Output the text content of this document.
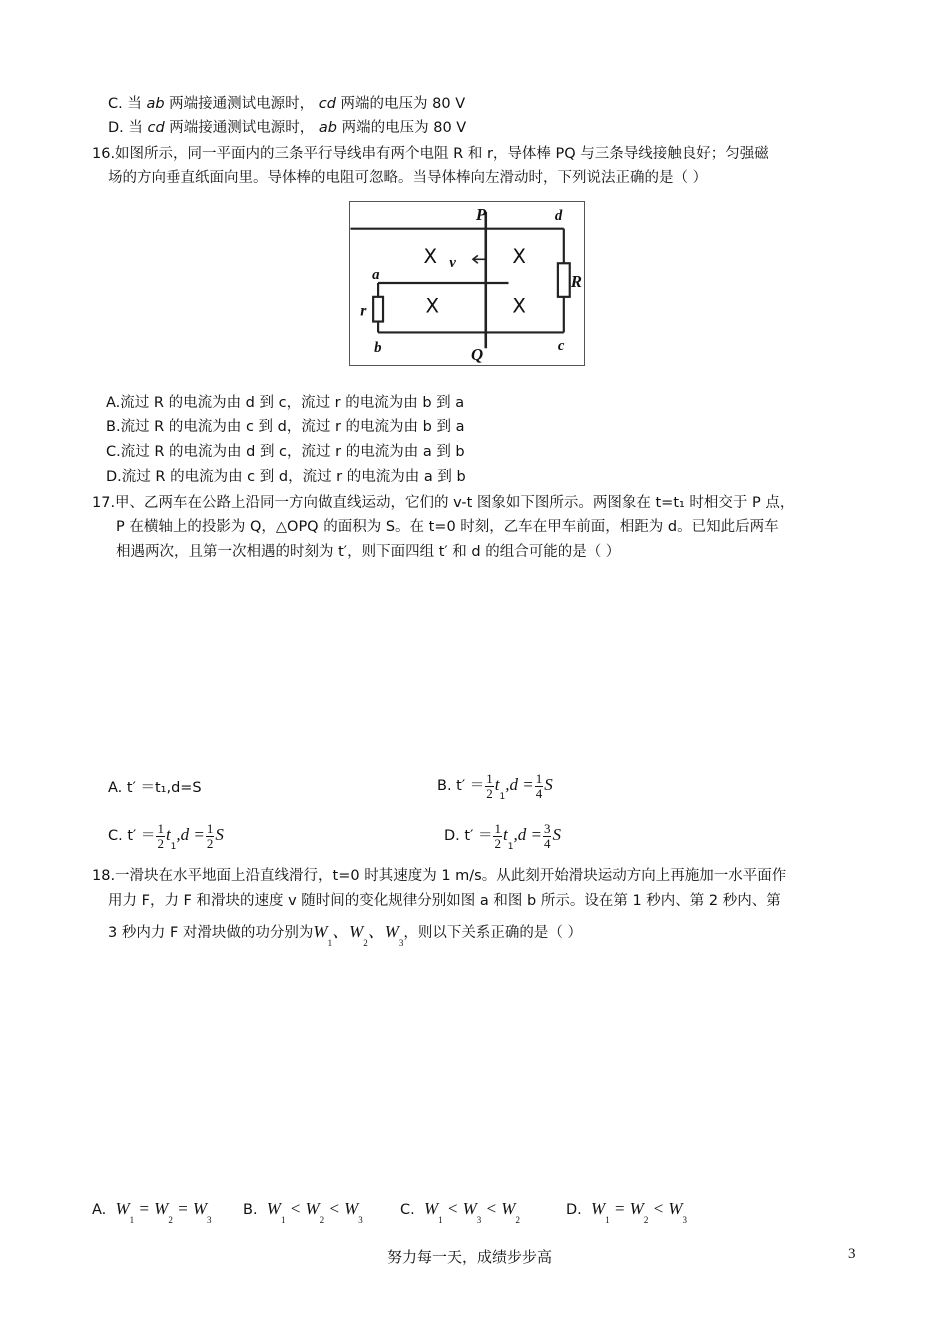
C. 当 ab 两端接通测试电源时， cd 两端的电压为 80 V
D. 当 cd 两端接通测试电源时， ab 两端的电压为 80 V
16.如图所示，同一平面内的三条平行导线串有两个电阻 R 和 r，导体棒 PQ 与三条导线接触良好；匀强磁
场的方向垂直纸面向里。导体棒的电阻可忽略。当导体棒向左滑动时，下列说法正确的是（ ）
P
Q
d
a
b	c
R
r
v
X	X
X	X
A.流过 R 的电流为由 d 到 c，流过 r 的电流为由 b 到 a
B.流过 R 的电流为由 c 到 d，流过 r 的电流为由 b 到 a
C.流过 R 的电流为由 d 到 c，流过 r 的电流为由 a 到 b
D.流过 R 的电流为由 c 到 d，流过 r 的电流为由 a 到 b
17.甲、乙两车在公路上沿同一方向做直线运动，它们的 v-t 图象如下图所示。两图象在 t=t₁ 时相交于 P 点，
P 在横轴上的投影为 Q，△OPQ 的面积为 S。在 t=0 时刻，乙车在甲车前面，相距为 d。已知此后两车
相遇两次，且第一次相遇的时刻为 t′，则下面四组 t′ 和 d 的组合可能的是（ ）
A. t′ ＝t₁,d=S	B. $t' = \frac{1}{2} t_1,d = \frac{1}{4}$ S
C. $t' = \frac{1}{2} t_1,d = \frac{1}{2}$ S	D. $t' = \frac{1}{2} t_1,d = \frac{3}{4}$ S
18.一滑块在水平地面上沿直线滑行，t=0 时其速度为 1 m/s。从此刻开始滑块运动方向上再施加一水平面作
用力 F，力 F 和滑块的速度 v 随时间的变化规律分别如图 a 和图 b 所示。设在第 1 秒内、第 2 秒内、第
3 秒内力 F 对滑块做的功分别为$W_1$、$W_2$、$W_3$，则以下关系正确的是（ ）
A. $W_1 = W_2 = W_3$
B. $W_1 < W_2 < W_3$
C. $W_1 < W_3 < W_2$
D. $W_1 = W_2 < W_3$
努力每一天，成绩步步高	3
